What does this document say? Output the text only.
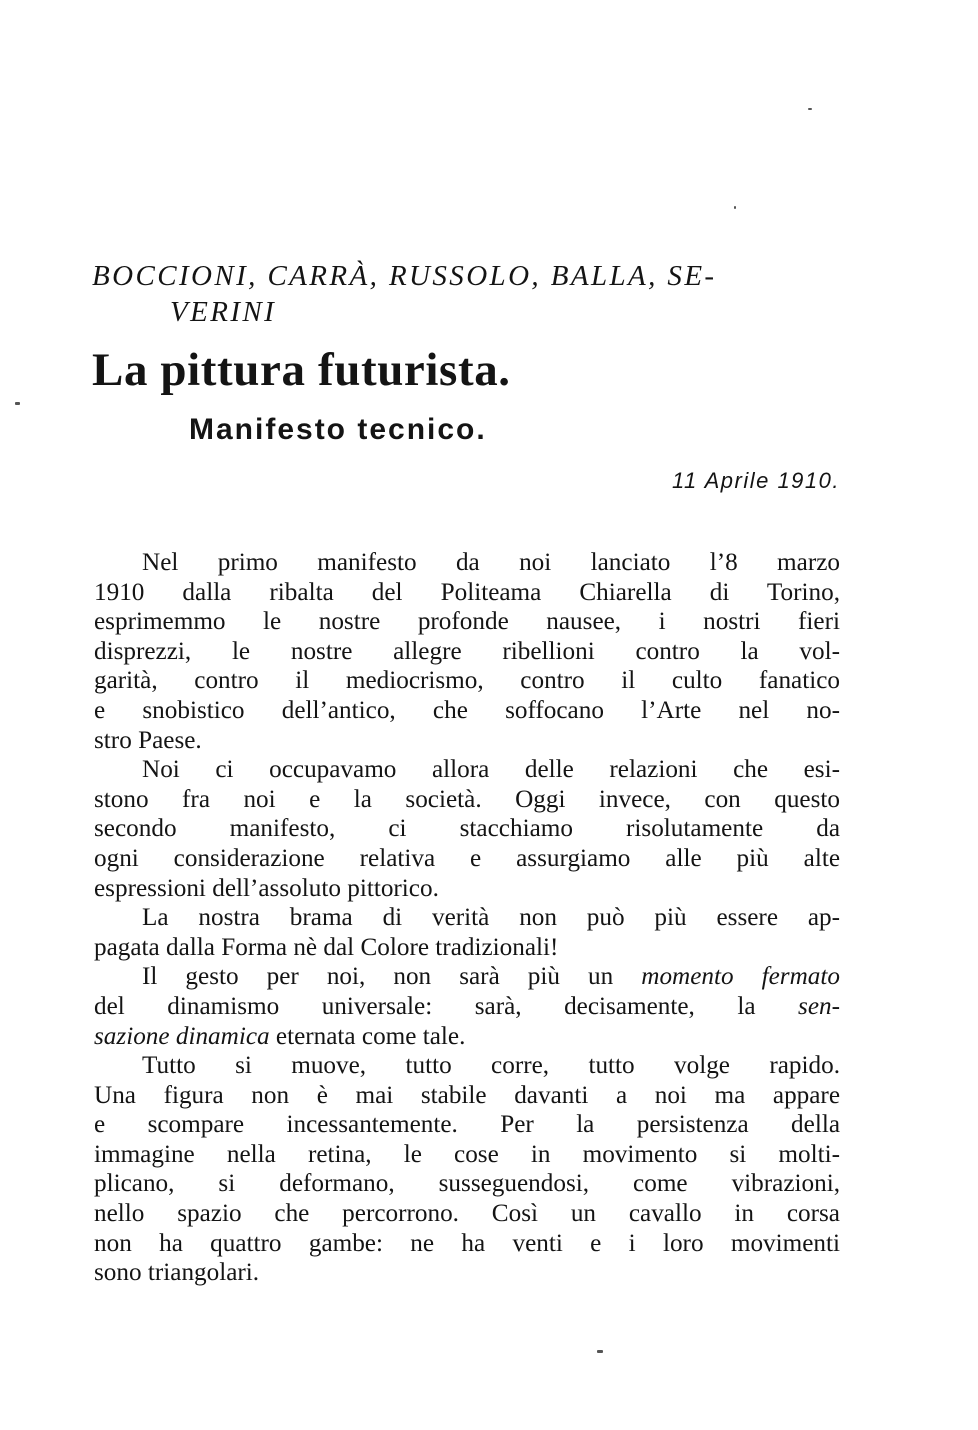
BOCCIONI, CARRÀ, RUSSOLO, BALLA, SE-
VERINI
La pittura futurista.
Manifesto tecnico.
11 Aprile 1910.

Nel primo manifesto da noi lanciato l’8 marzo
1910 dalla ribalta del Politeama Chiarella di Torino,
esprimemmo le nostre profonde nausee, i nostri fieri
disprezzi, le nostre allegre ribellioni contro la vol-
garità, contro il mediocrismo, contro il culto fanatico
e snobistico dell’antico, che soffocano l’Arte nel no-
stro Paese.

Noi ci occupavamo allora delle relazioni che esi-
stono fra noi e la società. Oggi invece, con questo
secondo manifesto, ci stacchiamo risolutamente da
ogni considerazione relativa e assurgiamo alle più alte
espressioni dell’assoluto pittorico.

La nostra brama di verità non può più essere ap-
pagata dalla Forma nè dal Colore tradizionali!

Il gesto per noi, non sarà più un momento fermato
del dinamismo universale: sarà, decisamente, la sen-
sazione dinamica eternata come tale.

Tutto si muove, tutto corre, tutto volge rapido.
Una figura non è mai stabile davanti a noi ma appare
e scompare incessantemente. Per la persistenza della
immagine nella retina, le cose in movimento si molti-
plicano, si deformano, susseguendosi, come vibrazioni,
nello spazio che percorrono. Così un cavallo in corsa
non ha quattro gambe: ne ha venti e i loro movimenti
sono triangolari.
